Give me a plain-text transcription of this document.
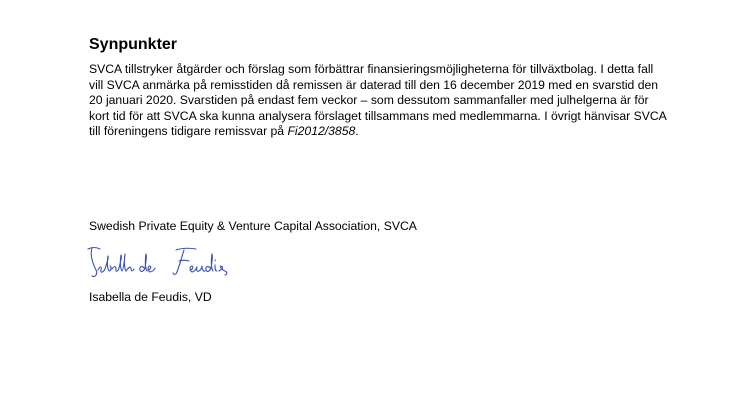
Synpunkter

SVCA tillstryker åtgärder och förslag som förbättrar finansieringsmöjligheterna för tillväxtbolag. I detta fall vill SVCA anmärka på remisstiden då remissen är daterad till den 16 december 2019 med en svarstid den 20 januari 2020. Svarstiden på endast fem veckor – som dessutom sammanfaller med julhelgerna är för kort tid för att SVCA ska kunna analysera förslaget tillsammans med medlemmarna. I övrigt hänvisar SVCA till föreningens tidigare remissvar på Fi2012/3858.

Swedish Private Equity & Venture Capital Association, SVCA

Isabella de Feudis, VD
